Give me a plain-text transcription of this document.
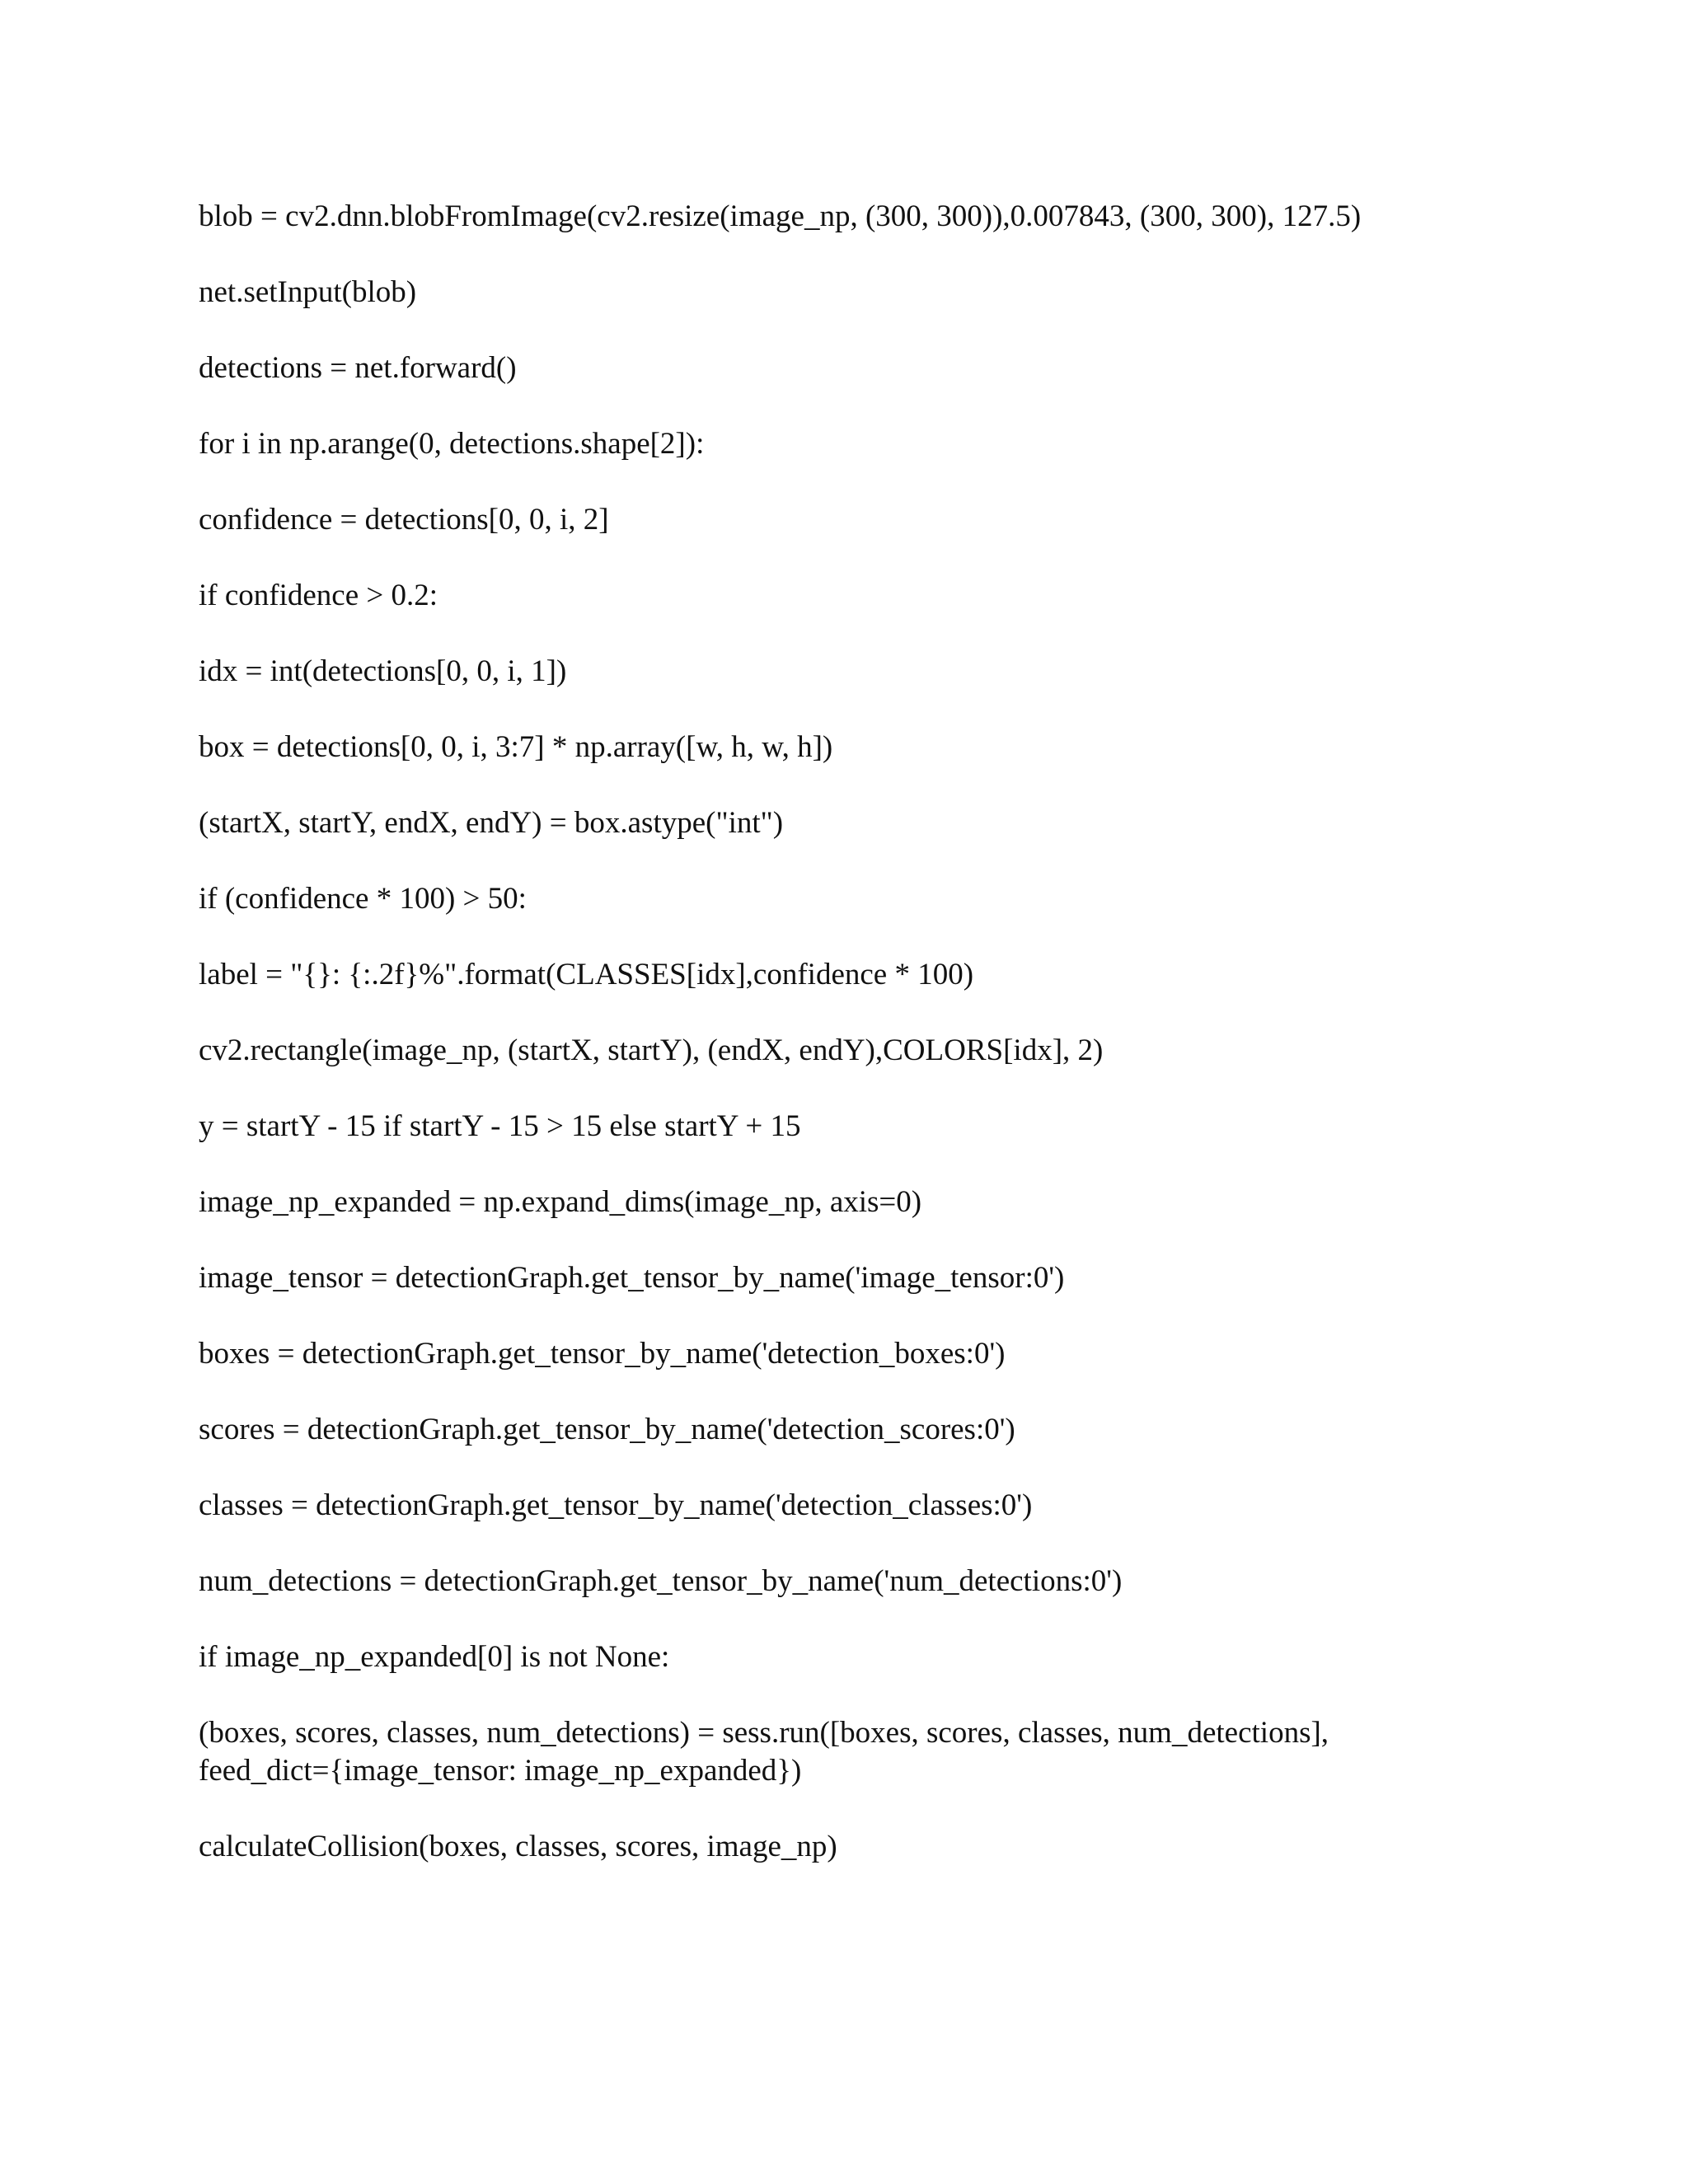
blob = cv2.dnn.blobFromImage(cv2.resize(image_np, (300, 300)),0.007843, (300, 300), 127.5)
net.setInput(blob)
detections = net.forward()
for i in np.arange(0, detections.shape[2]):
confidence = detections[0, 0, i, 2]
if confidence > 0.2:
idx = int(detections[0, 0, i, 1])
box = detections[0, 0, i, 3:7] * np.array([w, h, w, h])
(startX, startY, endX, endY) = box.astype("int")
if (confidence * 100) > 50:
label = "{}: {:.2f}%".format(CLASSES[idx],confidence * 100)
cv2.rectangle(image_np, (startX, startY), (endX, endY),COLORS[idx], 2)
y = startY - 15 if startY - 15 > 15 else startY + 15
image_np_expanded = np.expand_dims(image_np, axis=0)
image_tensor = detectionGraph.get_tensor_by_name('image_tensor:0')
boxes = detectionGraph.get_tensor_by_name('detection_boxes:0')
scores = detectionGraph.get_tensor_by_name('detection_scores:0')
classes = detectionGraph.get_tensor_by_name('detection_classes:0')
num_detections = detectionGraph.get_tensor_by_name('num_detections:0')
if image_np_expanded[0] is not None:
(boxes, scores, classes, num_detections) = sess.run([boxes, scores, classes, num_detections],
feed_dict={image_tensor: image_np_expanded})
calculateCollision(boxes, classes, scores, image_np)
